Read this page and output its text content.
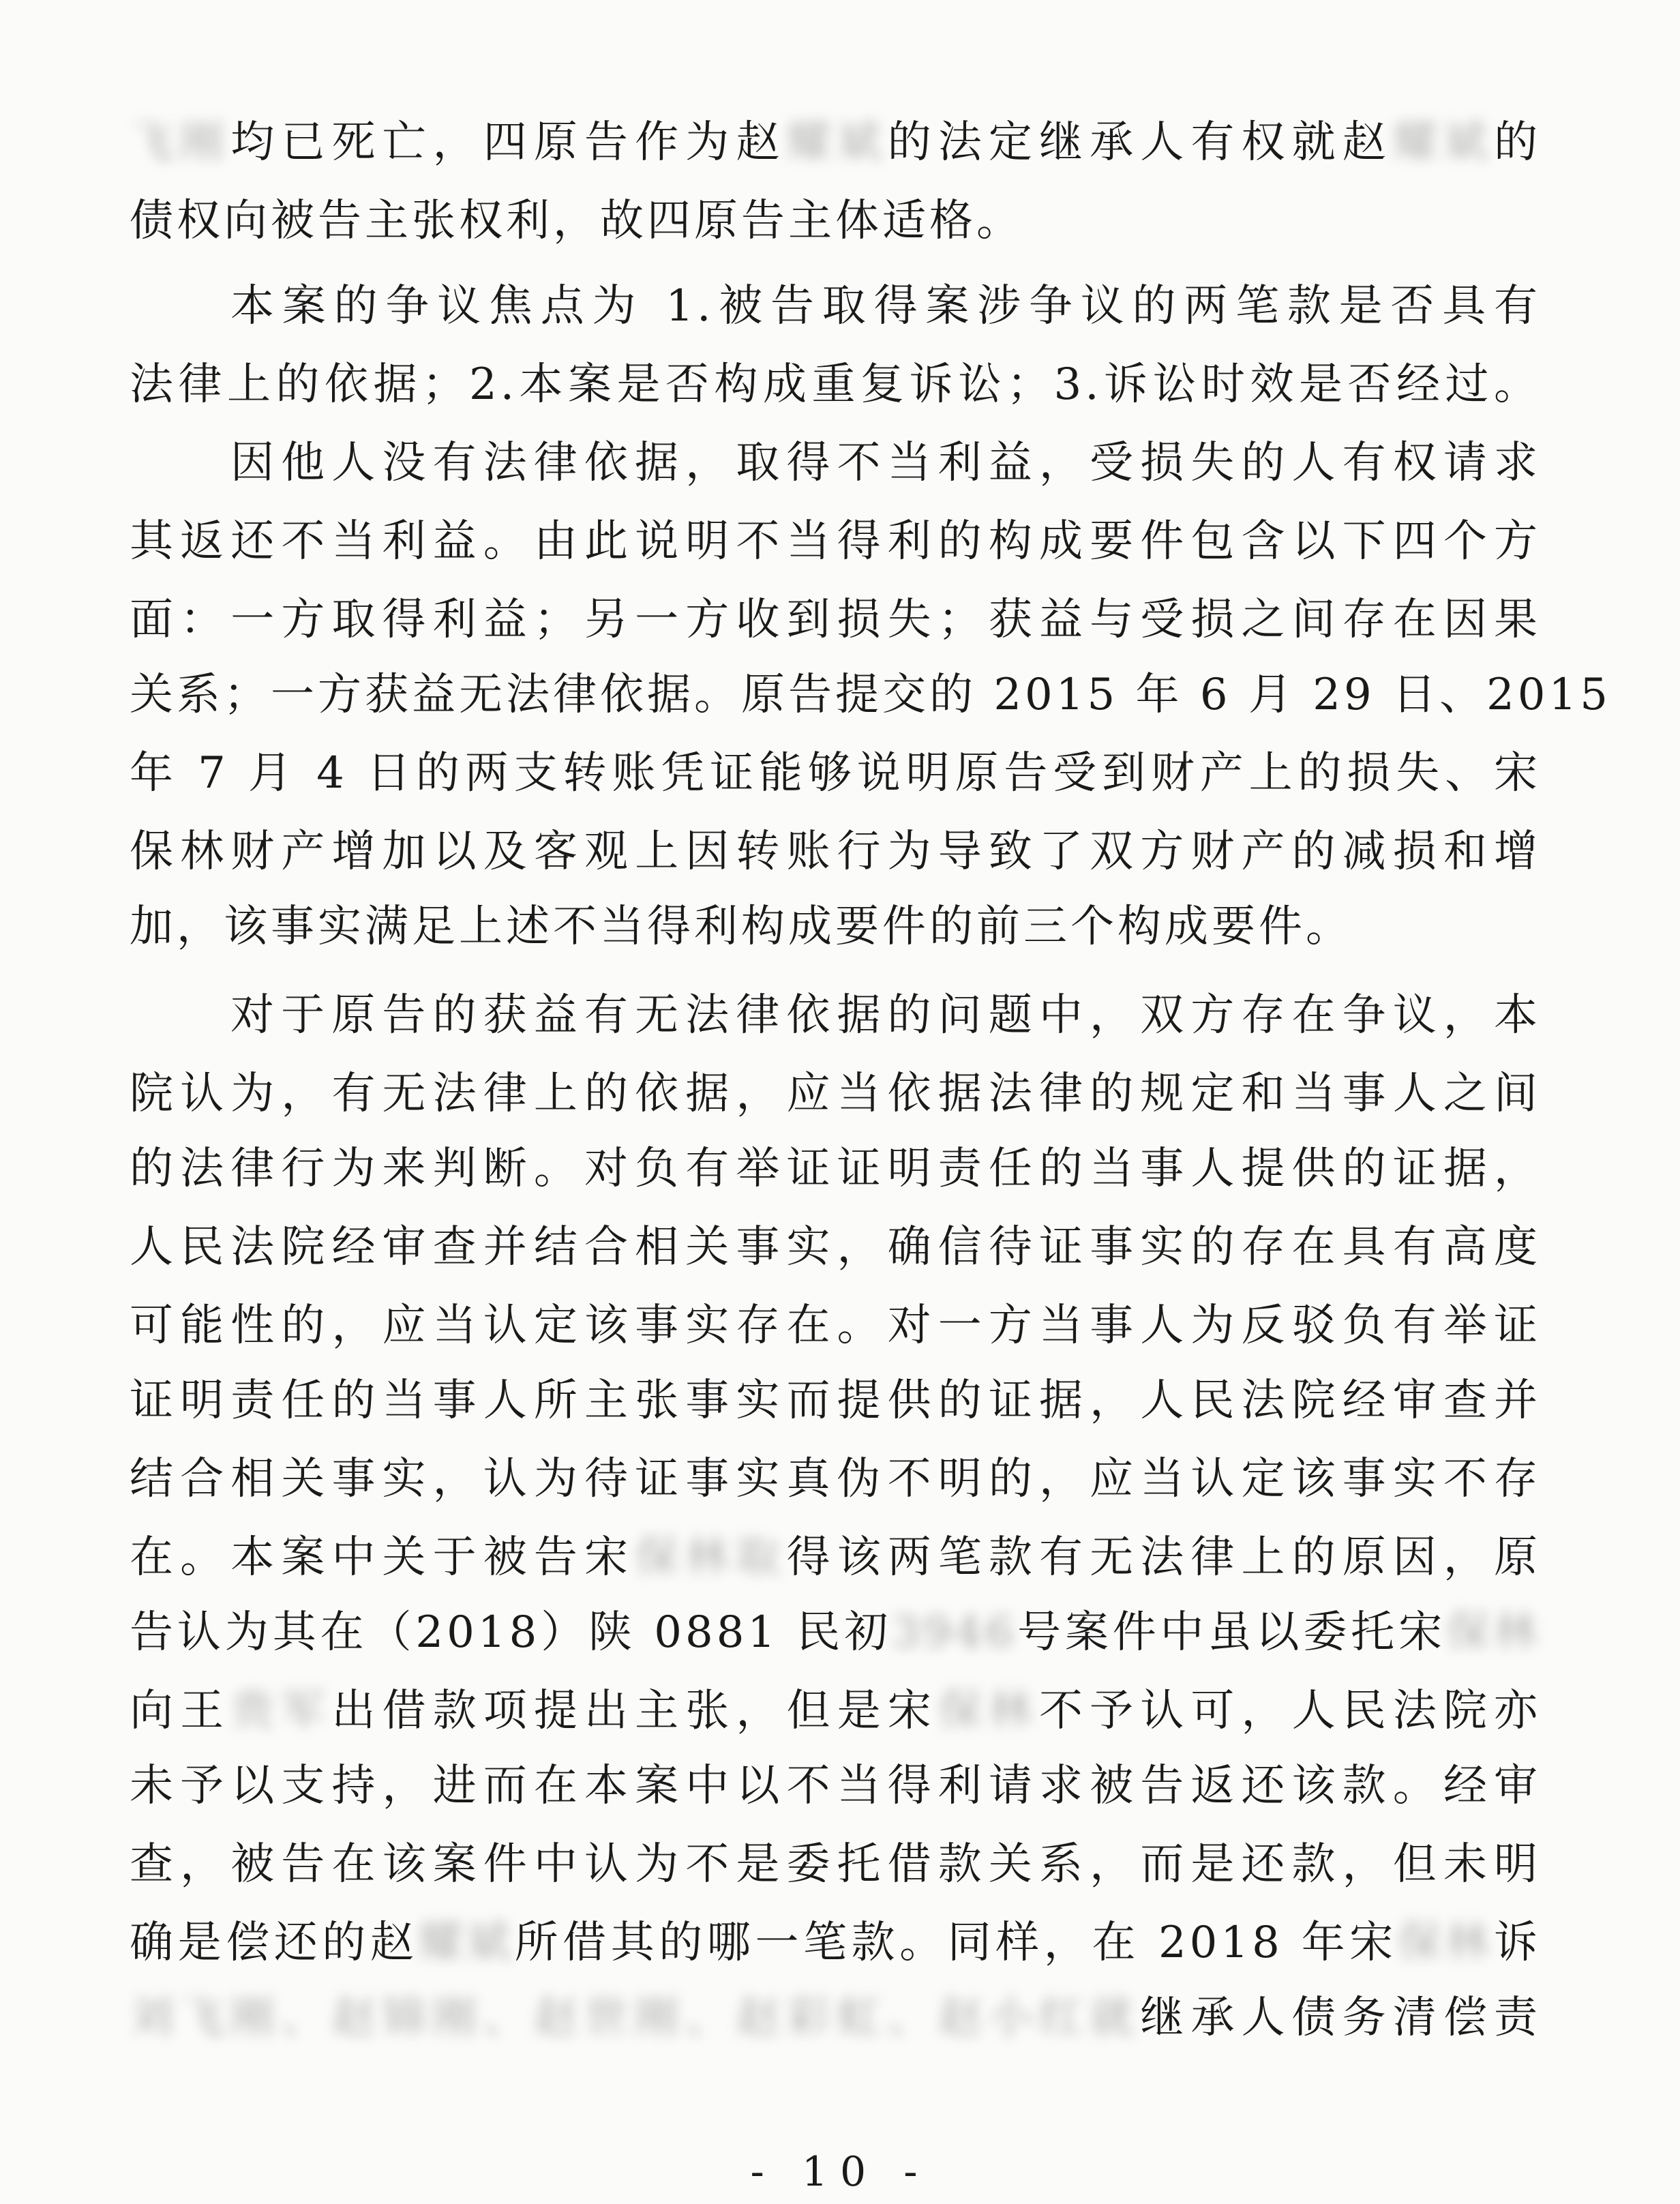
飞刚均已死亡，四原告作为赵耀斌的法定继承人有权就赵耀斌的
债权向被告主张权利，故四原告主体适格。
本案的争议焦点为 1.被告取得案涉争议的两笔款是否具有
法律上的依据；2.本案是否构成重复诉讼；3.诉讼时效是否经过。
因他人没有法律依据，取得不当利益，受损失的人有权请求
其返还不当利益。由此说明不当得利的构成要件包含以下四个方
面：一方取得利益；另一方收到损失；获益与受损之间存在因果
关系；一方获益无法律依据。原告提交的 2015 年 6 月 29 日、2015
年 7 月 4 日的两支转账凭证能够说明原告受到财产上的损失、宋
保林财产增加以及客观上因转账行为导致了双方财产的减损和增
加，该事实满足上述不当得利构成要件的前三个构成要件。
对于原告的获益有无法律依据的问题中，双方存在争议，本
院认为，有无法律上的依据，应当依据法律的规定和当事人之间
的法律行为来判断。对负有举证证明责任的当事人提供的证据，
人民法院经审查并结合相关事实，确信待证事实的存在具有高度
可能性的，应当认定该事实存在。对一方当事人为反驳负有举证
证明责任的当事人所主张事实而提供的证据，人民法院经审查并
结合相关事实，认为待证事实真伪不明的，应当认定该事实不存
在。本案中关于被告宋保林取得该两笔款有无法律上的原因，原
告认为其在（2018）陕 0881 民初3946号案件中虽以委托宋保林
向王贵军出借款项提出主张，但是宋保林不予认可，人民法院亦
未予以支持，进而在本案中以不当得利请求被告返还该款。经审
查，被告在该案件中认为不是委托借款关系，而是还款，但未明
确是偿还的赵耀斌所借其的哪一笔款。同样，在 2018 年宋保林诉
刘飞刚、赵锦刚、赵世刚、赵彩虹、赵小红就继承人债务清偿责
- 10 -
